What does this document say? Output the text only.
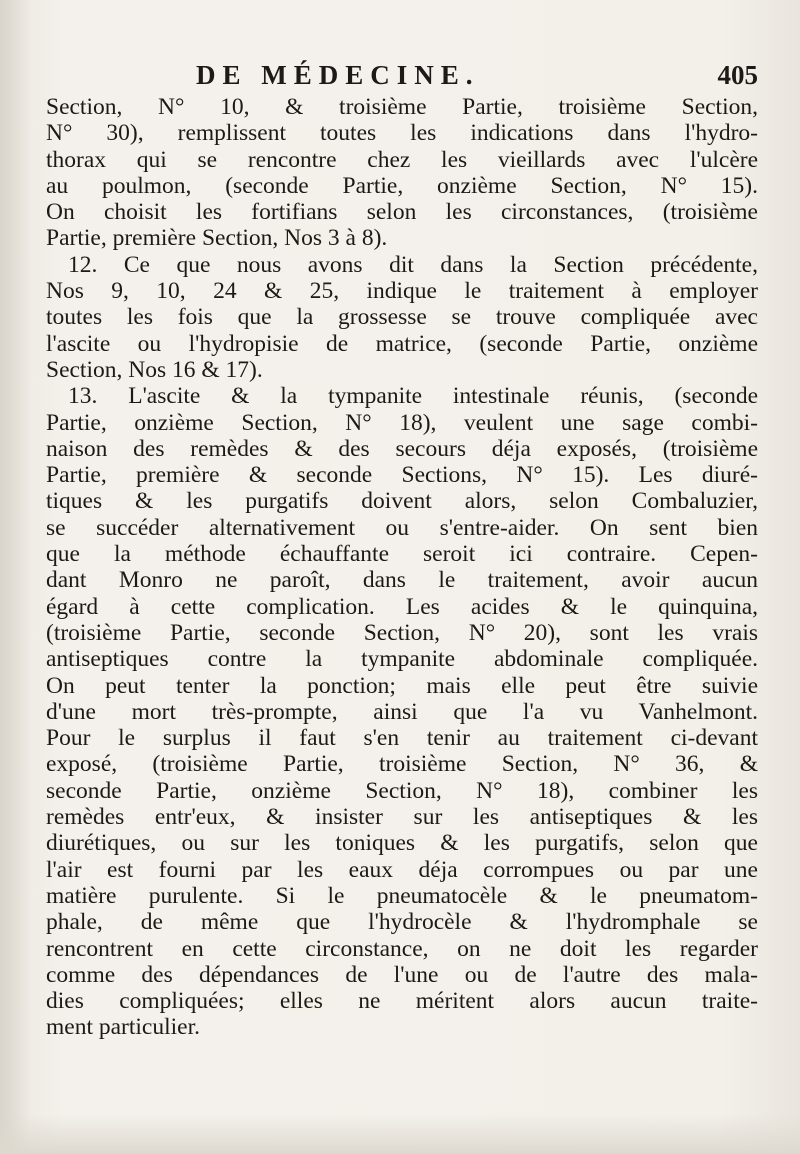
DE MÉDECINE.	405
Section, N° 10, & troisième Partie, troisième Section,
N° 30), remplissent toutes les indications dans l'hydro-
thorax qui se rencontre chez les vieillards avec l'ulcère
au poulmon, (seconde Partie, onzième Section, N° 15).
On choisit les fortifians selon les circonstances, (troisième
Partie, première Section, Nos 3 à 8).
12. Ce que nous avons dit dans la Section précédente,
Nos 9, 10, 24 & 25, indique le traitement à employer
toutes les fois que la grossesse se trouve compliquée avec
l'ascite ou l'hydropisie de matrice, (seconde Partie, onzième
Section, Nos 16 & 17).
13. L'ascite & la tympanite intestinale réunis, (seconde
Partie, onzième Section, N° 18), veulent une sage combi-
naison des remèdes & des secours déja exposés, (troisième
Partie, première & seconde Sections, N° 15). Les diuré-
tiques & les purgatifs doivent alors, selon Combaluzier,
se succéder alternativement ou s'entre-aider. On sent bien
que la méthode échauffante seroit ici contraire. Cepen-
dant Monro ne paroît, dans le traitement, avoir aucun
égard à cette complication. Les acides & le quinquina,
(troisième Partie, seconde Section, N° 20), sont les vrais
antiseptiques contre la tympanite abdominale compliquée.
On peut tenter la ponction; mais elle peut être suivie
d'une mort très-prompte, ainsi que l'a vu Vanhelmont.
Pour le surplus il faut s'en tenir au traitement ci-devant
exposé, (troisième Partie, troisième Section, N° 36, &
seconde Partie, onzième Section, N° 18), combiner les
remèdes entr'eux, & insister sur les antiseptiques & les
diurétiques, ou sur les toniques & les purgatifs, selon que
l'air est fourni par les eaux déja corrompues ou par une
matière purulente. Si le pneumatocèle & le pneumatom-
phale, de même que l'hydrocèle & l'hydromphale se
rencontrent en cette circonstance, on ne doit les regarder
comme des dépendances de l'une ou de l'autre des mala-
dies compliquées; elles ne méritent alors aucun traite-
ment particulier.
